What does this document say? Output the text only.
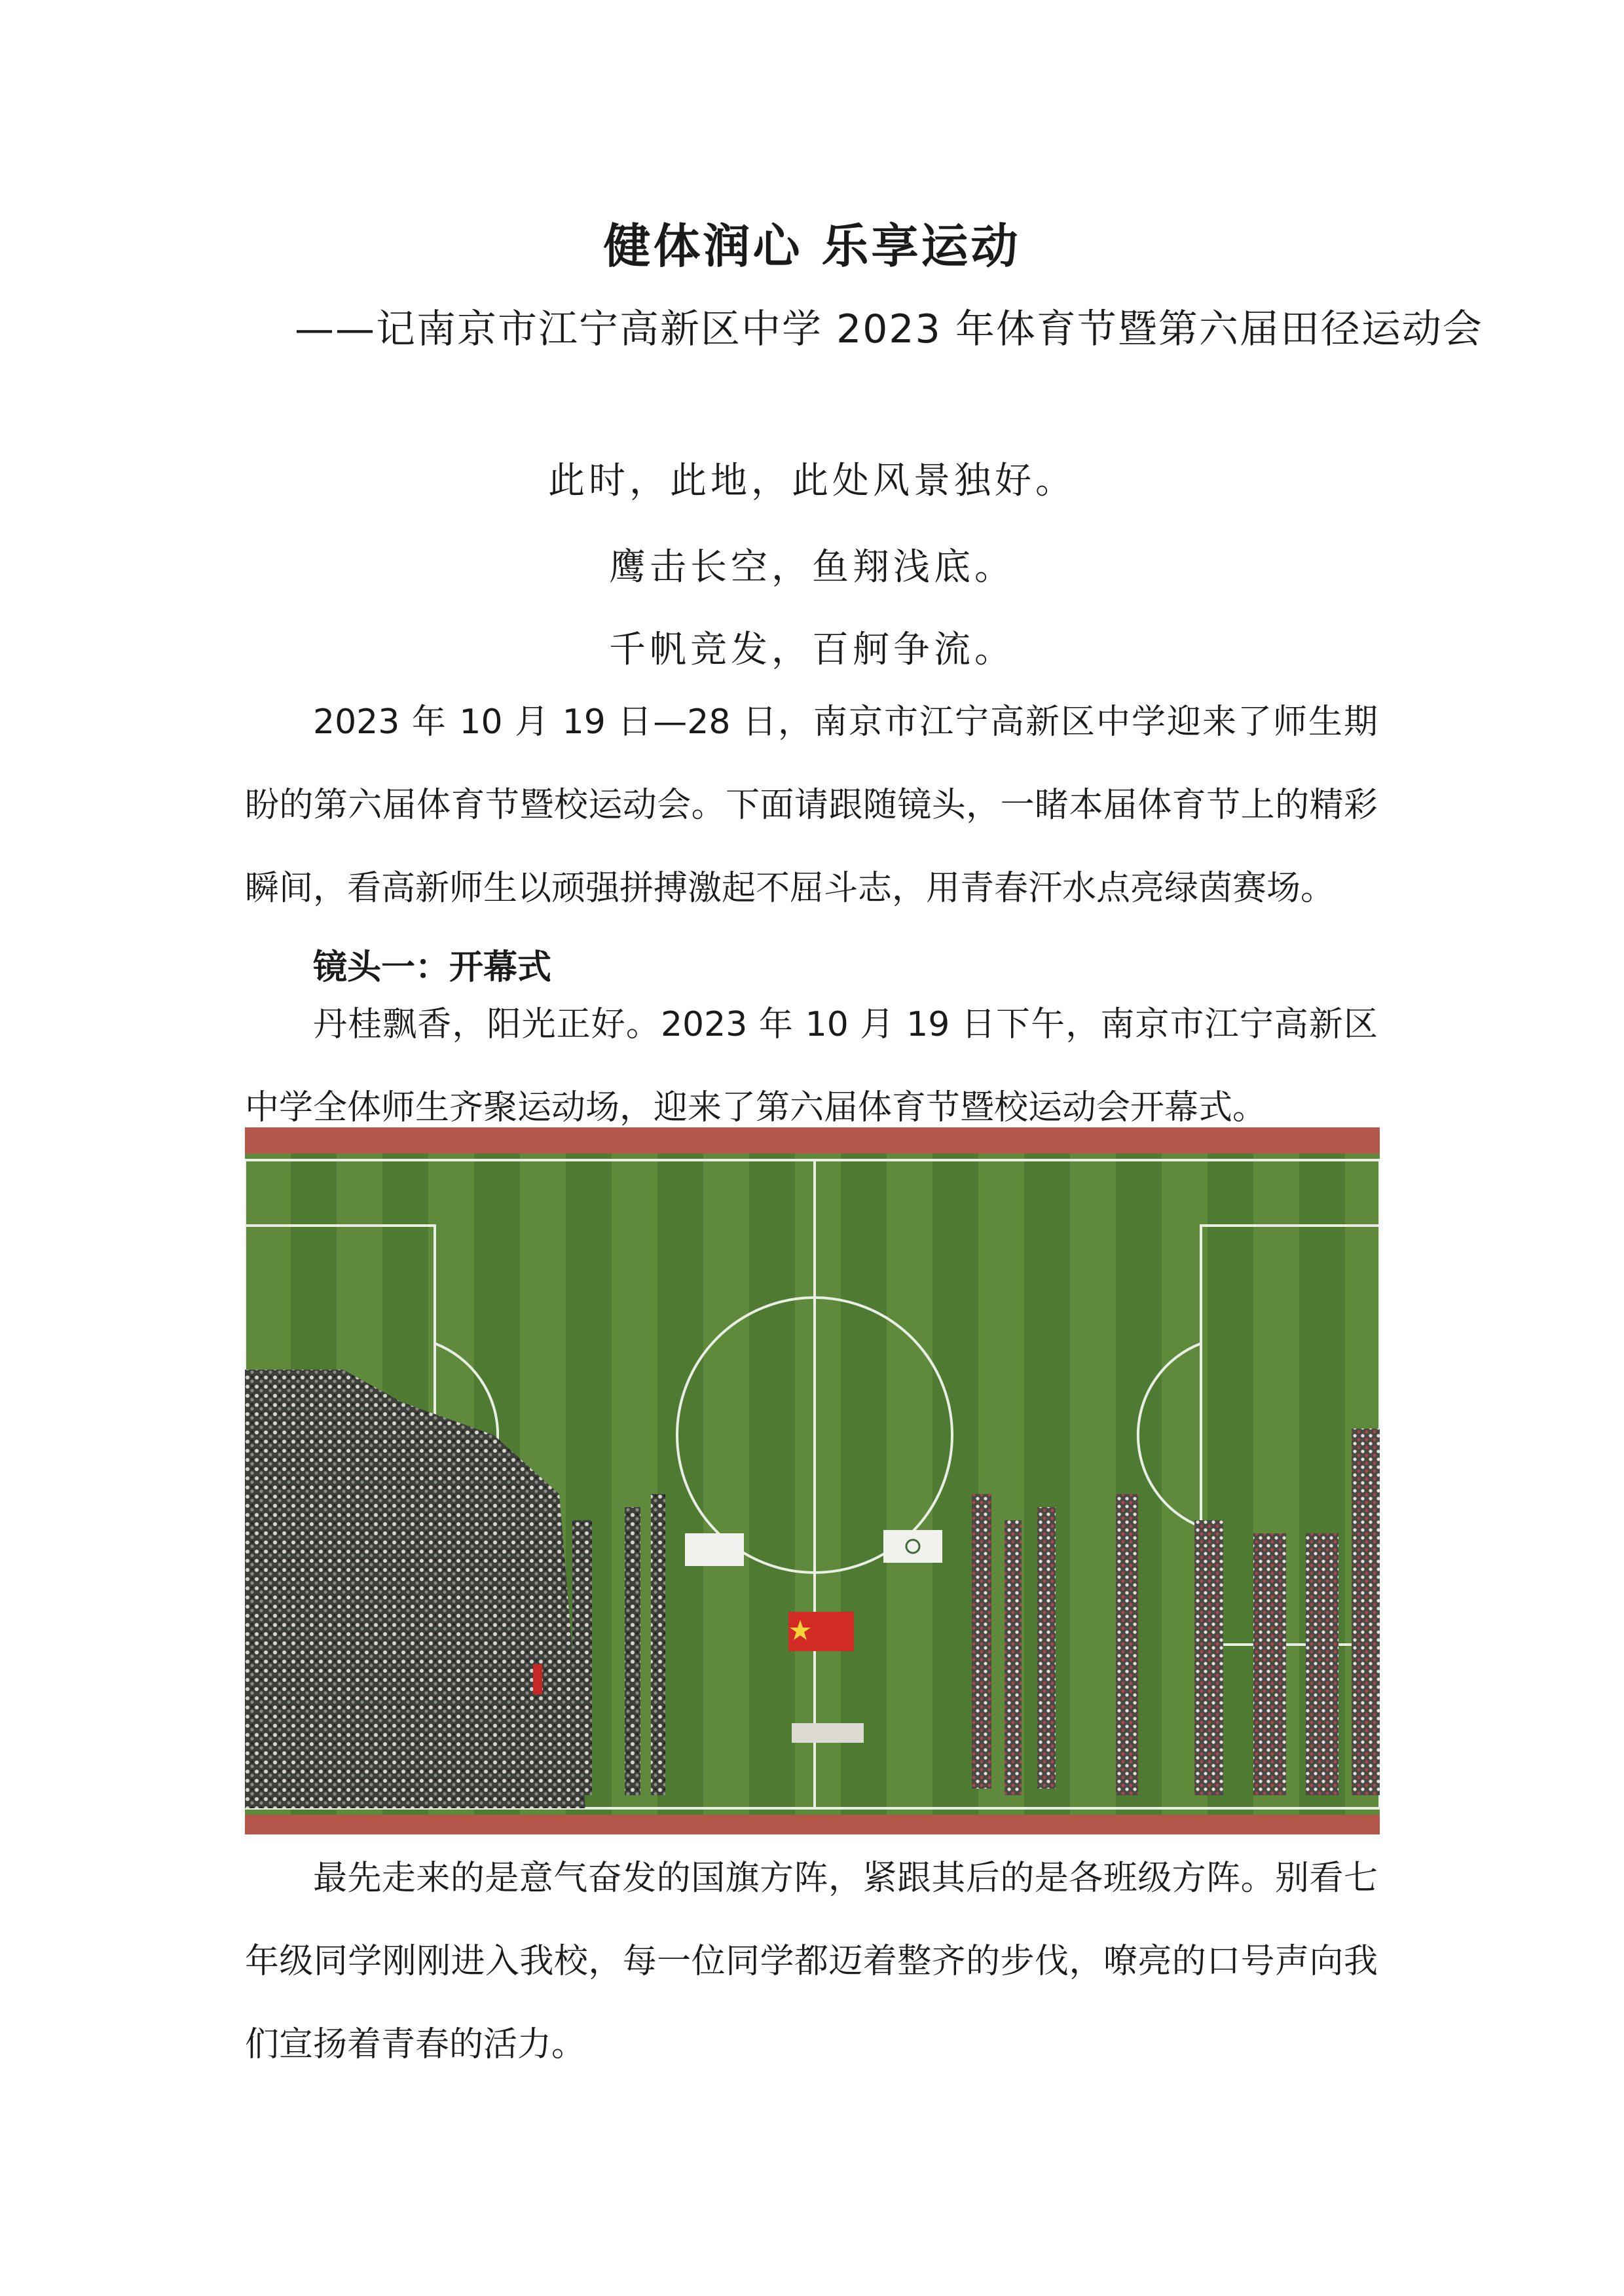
健体润心 乐享运动
——记南京市江宁高新区中学 2023 年体育节暨第六届田径运动会
此时，此地，此处风景独好。
鹰击长空，鱼翔浅底。
千帆竞发，百舸争流。
2023 年 10 月 19 日—28 日，南京市江宁高新区中学迎来了师生期盼的第六届体育节暨校运动会。下面请跟随镜头，一睹本届体育节上的精彩瞬间，看高新师生以顽强拼搏激起不屈斗志，用青春汗水点亮绿茵赛场。
镜头一：开幕式
丹桂飘香，阳光正好。2023 年 10 月 19 日下午，南京市江宁高新区中学全体师生齐聚运动场，迎来了第六届体育节暨校运动会开幕式。
最先走来的是意气奋发的国旗方阵，紧跟其后的是各班级方阵。别看七年级同学刚刚进入我校，每一位同学都迈着整齐的步伐，嘹亮的口号声向我们宣扬着青春的活力。
